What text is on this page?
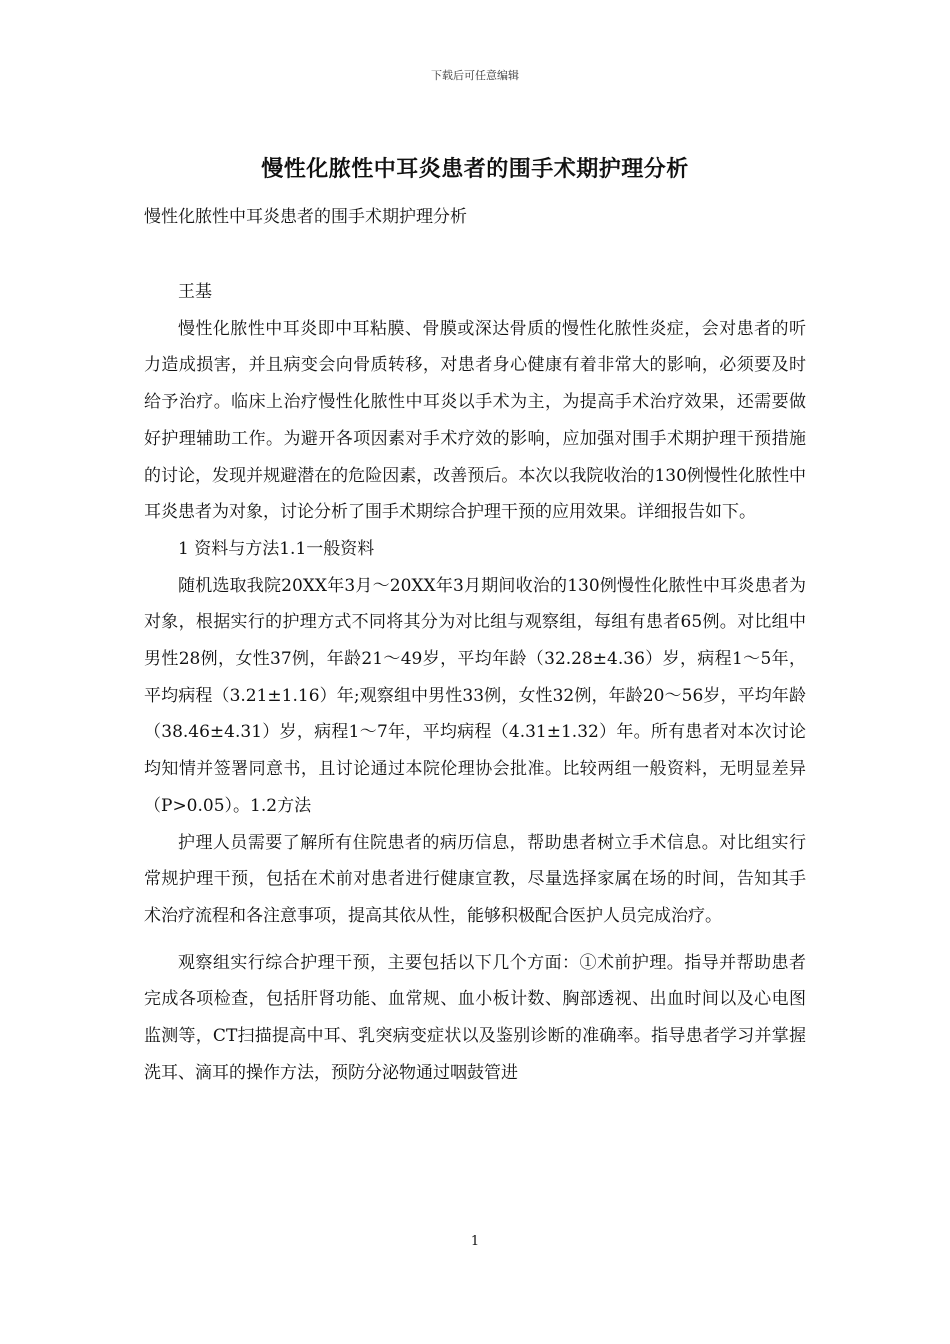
下载后可任意编辑
慢性化脓性中耳炎患者的围手术期护理分析
慢性化脓性中耳炎患者的围手术期护理分析

王基

慢性化脓性中耳炎即中耳粘膜、骨膜或深达骨质的慢性化脓性炎症，会对患者的听力造成损害，并且病变会向骨质转移，对患者身心健康有着非常大的影响，必须要及时给予治疗。临床上治疗慢性化脓性中耳炎以手术为主，为提高手术治疗效果，还需要做好护理辅助工作。为避开各项因素对手术疗效的影响，应加强对围手术期护理干预措施的讨论，发现并规避潜在的危险因素，改善预后。本次以我院收治的130例慢性化脓性中耳炎患者为对象，讨论分析了围手术期综合护理干预的应用效果。详细报告如下。

1 资料与方法1.1一般资料

随机选取我院20XX年3月～20XX年3月期间收治的130例慢性化脓性中耳炎患者为对象，根据实行的护理方式不同将其分为对比组与观察组，每组有患者65例。对比组中男性28例，女性37例，年龄21～49岁，平均年龄（32.28±4.36）岁，病程1～5年，平均病程（3.21±1.16）年;观察组中男性33例，女性32例，年龄20～56岁，平均年龄（38.46±4.31）岁，病程1～7年，平均病程（4.31±1.32）年。所有患者对本次讨论均知情并签署同意书，且讨论通过本院伦理协会批准。比较两组一般资料，无明显差异（P>0.05）。1.2方法

护理人员需要了解所有住院患者的病历信息，帮助患者树立手术信息。对比组实行常规护理干预，包括在术前对患者进行健康宣教，尽量选择家属在场的时间，告知其手术治疗流程和各注意事项，提高其依从性，能够积极配合医护人员完成治疗。

观察组实行综合护理干预，主要包括以下几个方面：①术前护理。指导并帮助患者完成各项检查，包括肝肾功能、血常规、血小板计数、胸部透视、出血时间以及心电图监测等，CT扫描提高中耳、乳突病变症状以及鉴别诊断的准确率。指导患者学习并掌握洗耳、滴耳的操作方法，预防分泌物通过咽鼓管进

1
